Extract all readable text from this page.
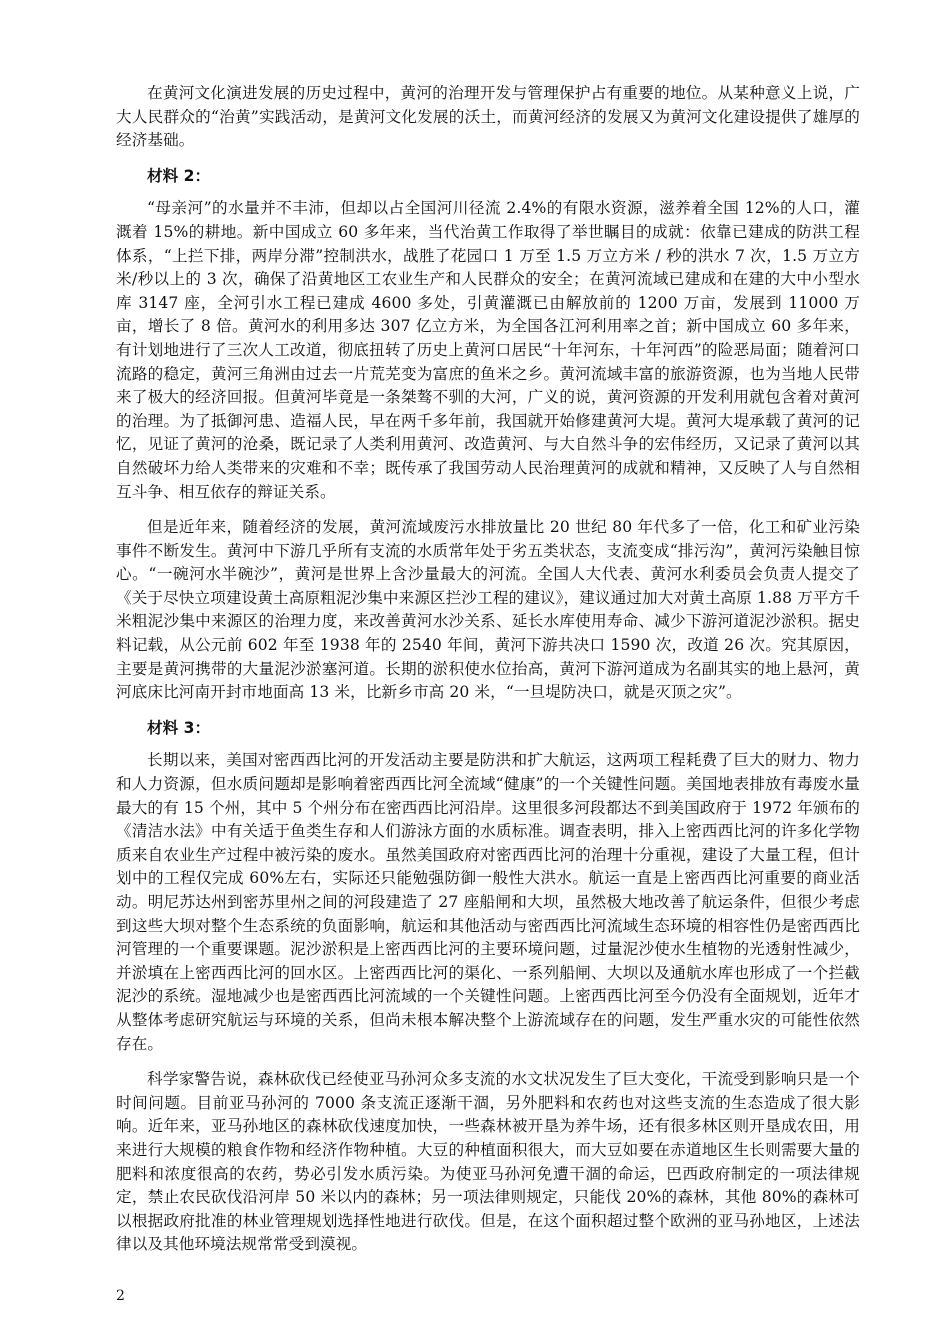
在黄河文化演进发展的历史过程中，黄河的治理开发与管理保护占有重要的地位。从某种意义上说，广大人民群众的“治黄”实践活动，是黄河文化发展的沃土，而黄河经济的发展又为黄河文化建设提供了雄厚的经济基础。

材料 2：

“母亲河”的水量并不丰沛，但却以占全国河川径流 2.4%的有限水资源，滋养着全国 12%的人口，灌溉着 15%的耕地。新中国成立 60 多年来，当代治黄工作取得了举世瞩目的成就：依靠已建成的防洪工程体系，“上拦下排，两岸分滞”控制洪水，战胜了花园口 1 万至 1.5 万立方米 / 秒的洪水 7 次，1.5 万立方米/秒以上的 3 次，确保了沿黄地区工农业生产和人民群众的安全；在黄河流域已建成和在建的大中小型水库 3147 座，全河引水工程已建成 4600 多处，引黄灌溉已由解放前的 1200 万亩，发展到 11000 万亩，增长了 8 倍。黄河水的利用多达 307 亿立方米，为全国各江河利用率之首；新中国成立 60 多年来，有计划地进行了三次人工改道，彻底扭转了历史上黄河口居民“十年河东，十年河西”的险恶局面；随着河口流路的稳定，黄河三角洲由过去一片荒芜变为富庶的鱼米之乡。黄河流域丰富的旅游资源，也为当地人民带来了极大的经济回报。但黄河毕竟是一条桀骜不驯的大河，广义的说，黄河资源的开发利用就包含着对黄河的治理。为了抵御河患、造福人民，早在两千多年前，我国就开始修建黄河大堤。黄河大堤承载了黄河的记忆，见证了黄河的沧桑，既记录了人类利用黄河、改造黄河、与大自然斗争的宏伟经历，又记录了黄河以其自然破坏力给人类带来的灾难和不幸；既传承了我国劳动人民治理黄河的成就和精神，又反映了人与自然相互斗争、相互依存的辩证关系。

但是近年来，随着经济的发展，黄河流域废污水排放量比 20 世纪 80 年代多了一倍，化工和矿业污染事件不断发生。黄河中下游几乎所有支流的水质常年处于劣五类状态，支流变成“排污沟”，黄河污染触目惊心。“一碗河水半碗沙”，黄河是世界上含沙量最大的河流。全国人大代表、黄河水利委员会负责人提交了《关于尽快立项建设黄土高原粗泥沙集中来源区拦沙工程的建议》，建议通过加大对黄土高原 1.88 万平方千米粗泥沙集中来源区的治理力度，来改善黄河水沙关系、延长水库使用寿命、减少下游河道泥沙淤积。据史料记载，从公元前 602 年至 1938 年的 2540 年间，黄河下游共决口 1590 次，改道 26 次。究其原因，主要是黄河携带的大量泥沙淤塞河道。长期的淤积使水位抬高，黄河下游河道成为名副其实的地上悬河，黄河底床比河南开封市地面高 13 米，比新乡市高 20 米，“一旦堤防决口，就是灭顶之灾”。

材料 3：

长期以来，美国对密西西比河的开发活动主要是防洪和扩大航运，这两项工程耗费了巨大的财力、物力和人力资源，但水质问题却是影响着密西西比河全流域“健康”的一个关键性问题。美国地表排放有毒废水量最大的有 15 个州，其中 5 个州分布在密西西比河沿岸。这里很多河段都达不到美国政府于 1972 年颁布的《清洁水法》中有关适于鱼类生存和人们游泳方面的水质标准。调查表明，排入上密西西比河的许多化学物质来自农业生产过程中被污染的废水。虽然美国政府对密西西比河的治理十分重视，建设了大量工程，但计划中的工程仅完成 60%左右，实际还只能勉强防御一般性大洪水。航运一直是上密西西比河重要的商业活动。明尼苏达州到密苏里州之间的河段建造了 27 座船闸和大坝，虽然极大地改善了航运条件，但很少考虑到这些大坝对整个生态系统的负面影响，航运和其他活动与密西西比河流域生态环境的相容性仍是密西西比河管理的一个重要课题。泥沙淤积是上密西西比河的主要环境问题，过量泥沙使水生植物的光透射性减少，并淤填在上密西西比河的回水区。上密西西比河的渠化、一系列船闸、大坝以及通航水库也形成了一个拦截泥沙的系统。湿地减少也是密西西比河流域的一个关键性问题。上密西西比河至今仍没有全面规划，近年才从整体考虑研究航运与环境的关系，但尚未根本解决整个上游流域存在的问题，发生严重水灾的可能性依然存在。

科学家警告说，森林砍伐已经使亚马孙河众多支流的水文状况发生了巨大变化，干流受到影响只是一个时间问题。目前亚马孙河的 7000 条支流正逐渐干涸，另外肥料和农药也对这些支流的生态造成了很大影响。近年来，亚马孙地区的森林砍伐速度加快，一些森林被开垦为养牛场，还有很多林区则开垦成农田，用来进行大规模的粮食作物和经济作物种植。大豆的种植面积很大，而大豆如要在赤道地区生长则需要大量的肥料和浓度很高的农药，势必引发水质污染。为使亚马孙河免遭干涸的命运，巴西政府制定的一项法律规定，禁止农民砍伐沿河岸 50 米以内的森林；另一项法律则规定，只能伐 20%的森林，其他 80%的森林可以根据政府批准的林业管理规划选择性地进行砍伐。但是，在这个面积超过整个欧洲的亚马孙地区，上述法律以及其他环境法规常常受到漠视。

2
